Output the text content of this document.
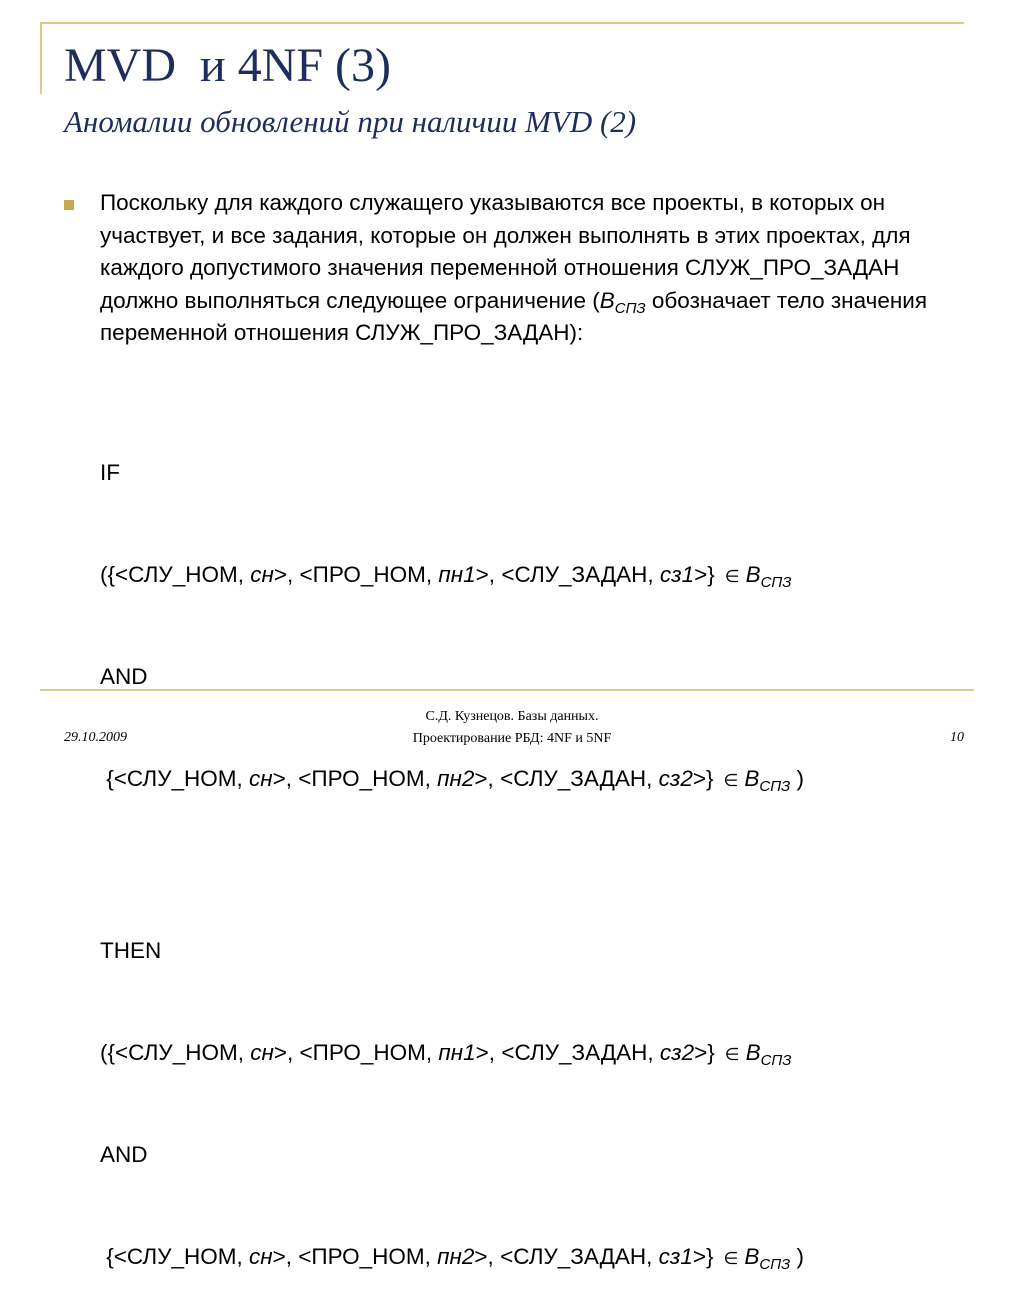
MVD  и 4NF (3)
Аномалии обновлений при наличии MVD (2)

Поскольку для каждого служащего указываются все проекты, в которых он участвует, и все задания, которые он должен выполнять в этих проектах, для каждого допустимого значения переменной отношения СЛУЖ_ПРО_ЗАДАН должно выполняться следующее ограничение ($B_{СПЗ}$ обозначает тело значения переменной отношения СЛУЖ_ПРО_ЗАДАН):

IF

({<СЛУ_НОМ, сн>, <ПРО_НОМ, пн1>, <СЛУ_ЗАДАН, сз1>} ∈ $B_{СПЗ}$

AND

{<СЛУ_НОМ, сн>, <ПРО_НОМ, пн2>, <СЛУ_ЗАДАН, сз2>} ∈ $B_{СПЗ}$ )

THEN

({<СЛУ_НОМ, сн>, <ПРО_НОМ, пн1>, <СЛУ_ЗАДАН, сз2>} ∈ $B_{СПЗ}$

AND

{<СЛУ_НОМ, сн>, <ПРО_НОМ, пн2>, <СЛУ_ЗАДАН, сз1>} ∈ $B_{СПЗ}$ )

29.10.2009
С.Д. Кузнецов. Базы данных.
Проектирование РБД: 4NF и 5NF	10
